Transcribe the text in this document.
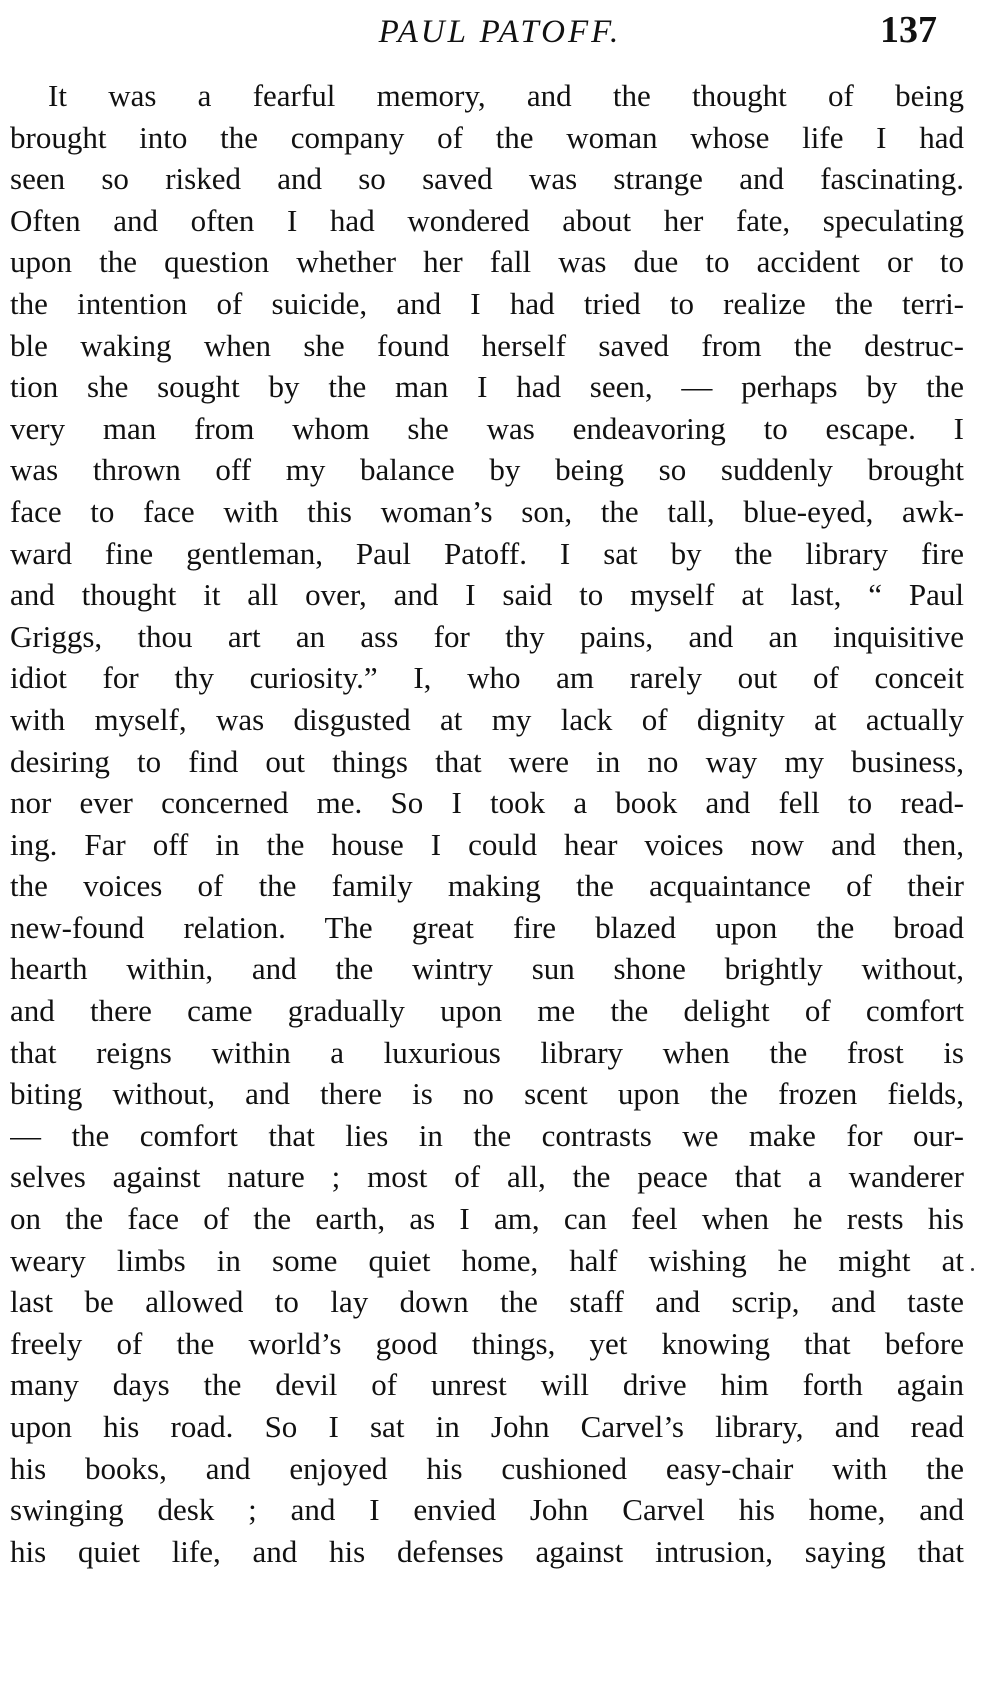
PAUL PATOFF.	137
It was a fearful memory, and the thought of being
brought into the company of the woman whose life I had
seen so risked and so saved was strange and fascinating.
Often and often I had wondered about her fate, speculating
upon the question whether her fall was due to accident or to
the intention of suicide, and I had tried to realize the terri-
ble waking when she found herself saved from the destruc-
tion she sought by the man I had seen, — perhaps by the
very man from whom she was endeavoring to escape. I
was thrown off my balance by being so suddenly brought
face to face with this woman’s son, the tall, blue-eyed, awk-
ward fine gentleman, Paul Patoff. I sat by the library fire
and thought it all over, and I said to myself at last, “ Paul
Griggs, thou art an ass for thy pains, and an inquisitive
idiot for thy curiosity.” I, who am rarely out of conceit
with myself, was disgusted at my lack of dignity at actually
desiring to find out things that were in no way my business,
nor ever concerned me. So I took a book and fell to read-
ing. Far off in the house I could hear voices now and then,
the voices of the family making the acquaintance of their
new-found relation. The great fire blazed upon the broad
hearth within, and the wintry sun shone brightly without,
and there came gradually upon me the delight of comfort
that reigns within a luxurious library when the frost is
biting without, and there is no scent upon the frozen fields,
— the comfort that lies in the contrasts we make for our-
selves against nature ; most of all, the peace that a wanderer
on the face of the earth, as I am, can feel when he rests his
weary limbs in some quiet home, half wishing he might at
last be allowed to lay down the staff and scrip, and taste
freely of the world’s good things, yet knowing that before
many days the devil of unrest will drive him forth again
upon his road. So I sat in John Carvel’s library, and read
his books, and enjoyed his cushioned easy-chair with the
swinging desk ; and I envied John Carvel his home, and
his quiet life, and his defenses against intrusion, saying that
